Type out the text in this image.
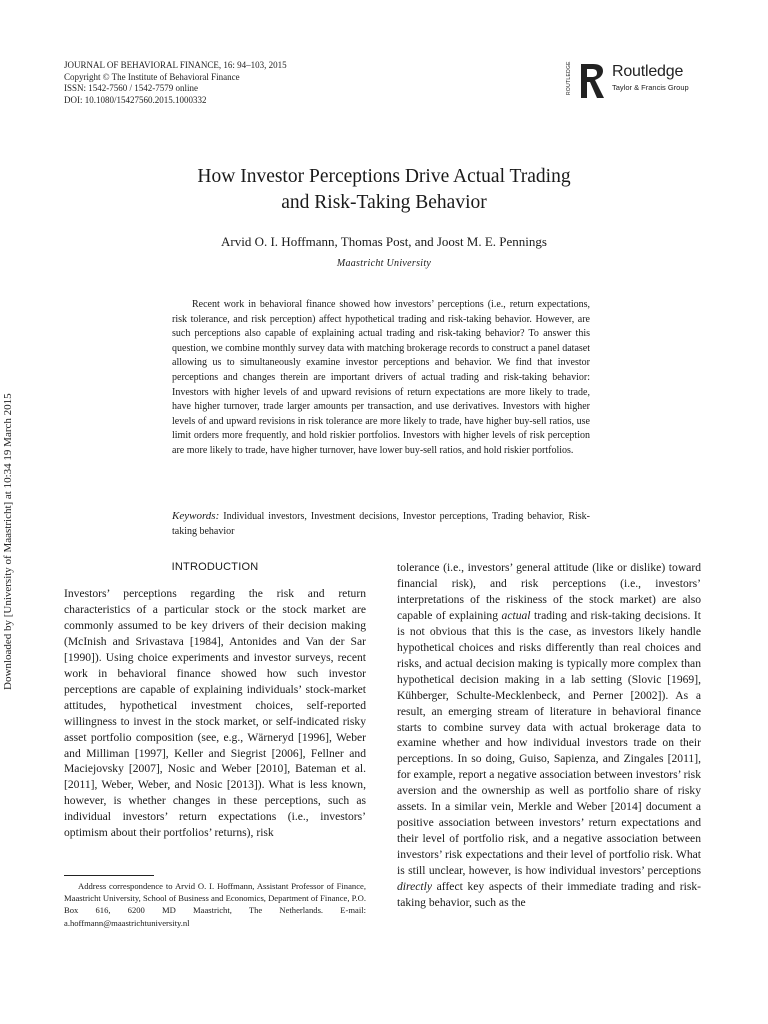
JOURNAL OF BEHAVIORAL FINANCE, 16: 94–103, 2015
Copyright © The Institute of Behavioral Finance
ISSN: 1542-7560 / 1542-7579 online
DOI: 10.1080/15427560.2015.1000332
ROUTLEDGE	Routledge
Taylor & Francis Group
How Investor Perceptions Drive Actual Trading
and Risk-Taking Behavior
Arvid O. I. Hoffmann, Thomas Post, and Joost M. E. Pennings
Maastricht University
Recent work in behavioral finance showed how investors’ perceptions (i.e., return expectations, risk tolerance, and risk perception) affect hypothetical trading and risk-taking behavior. However, are such perceptions also capable of explaining actual trading and risk-taking behavior? To answer this question, we combine monthly survey data with matching brokerage records to construct a panel dataset allowing us to simultaneously examine investor perceptions and behavior. We find that investor perceptions and changes therein are important drivers of actual trading and risk-taking behavior: Investors with higher levels of and upward revisions of return expectations are more likely to trade, have higher turnover, trade larger amounts per transaction, and use derivatives. Investors with higher levels of and upward revisions in risk tolerance are more likely to trade, have higher buy-sell ratios, use limit orders more frequently, and hold riskier portfolios. Investors with higher levels of risk perception are more likely to trade, have higher turnover, have lower buy-sell ratios, and hold riskier portfolios.
Keywords: Individual investors, Investment decisions, Investor perceptions, Trading behavior, Risk-taking behavior
Downloaded by [University of Maastricht] at 10:34 19 March 2015	INTRODUCTION
Investors’ perceptions regarding the risk and return characteristics of a particular stock or the stock market are commonly assumed to be key drivers of their decision making (McInish and Srivastava [1984], Antonides and Van der Sar [1990]). Using choice experiments and investor surveys, recent work in behavioral finance showed how such investor perceptions are capable of explaining individuals’ stock-market attitudes, hypothetical investment choices, self-reported willingness to invest in the stock market, or self-indicated risky asset portfolio composition (see, e.g., Wärneryd [1996], Weber and Milliman [1997], Keller and Siegrist [2006], Fellner and Maciejovsky [2007], Nosic and Weber [2010], Bateman et al. [2011], Weber, Weber, and Nosic [2013]). What is less known, however, is whether changes in these perceptions, such as individual investors’ return expectations (i.e., investors’ optimism about their portfolios’ returns), risk
tolerance (i.e., investors’ general attitude (like or dislike) toward financial risk), and risk perceptions (i.e., investors’ interpretations of the riskiness of the stock market) are also capable of explaining actual trading and risk-taking decisions. It is not obvious that this is the case, as investors likely handle hypothetical choices and risks differently than real choices and risks, and actual decision making is typically more complex than hypothetical decision making in a lab setting (Slovic [1969], Kühberger, Schulte-Mecklenbeck, and Perner [2002]). As a result, an emerging stream of literature in behavioral finance starts to combine survey data with actual brokerage data to examine whether and how individual investors trade on their perceptions. In so doing, Guiso, Sapienza, and Zingales [2011], for example, report a negative association between investors’ risk aversion and the ownership as well as portfolio share of risky assets. In a similar vein, Merkle and Weber [2014] document a positive association between investors’ return expectations and their level of portfolio risk, and a negative association between investors’ risk expectations and their level of portfolio risk. What is still unclear, however, is how individual investors’ perceptions directly affect key aspects of their immediate trading and risk-taking behavior, such as the
Address correspondence to Arvid O. I. Hoffmann, Assistant Professor of Finance, Maastricht University, School of Business and Economics, Department of Finance, P.O. Box 616, 6200 MD Maastricht, The Netherlands. E-mail: a.hoffmann@maastrichtuniversity.nl
